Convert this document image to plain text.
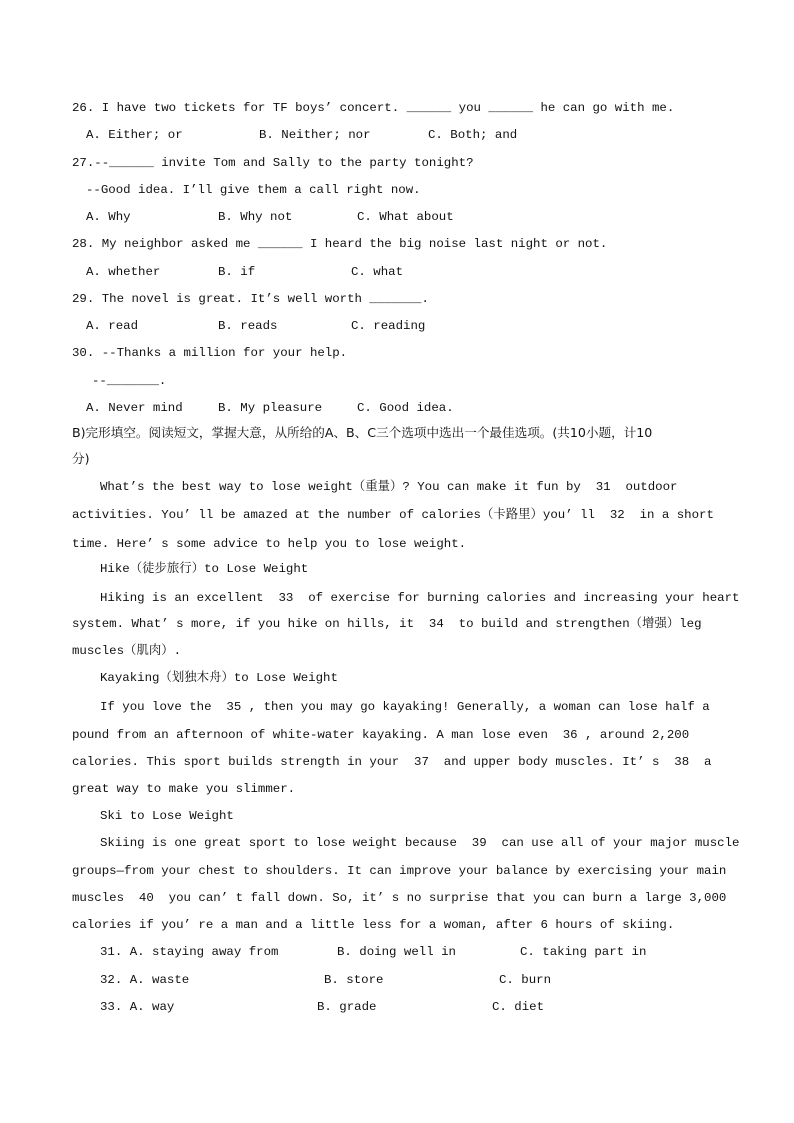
26. I have two tickets for TF boys’ concert. ______ you ______ he can go with me.
A. Either; or	B. Neither; nor	C. Both; and
27.--______ invite Tom and Sally to the party tonight?
--Good idea. I’ll give them a call right now.
A. Why	B. Why not	C. What about
28. My neighbor asked me ______ I heard the big noise last night or not.
A. whether	B. if	C. what
29. The novel is great. It’s well worth _______.
A. read	B. reads	C. reading
30. --Thanks a million for your help.
--_______.
A. Never mind	B. My pleasure	C. Good idea.
B)完形填空。阅读短文，掌握大意，从所给的A、B、C三个选项中选出一个最佳选项。(共10小题，计10
分)
What’s the best way to lose weight（重量）? You can make it fun by  31  outdoor
activities. You’ ll be amazed at the number of calories（卡路里）you’ ll  32  in a short
time. Here’ s some advice to help you to lose weight.
Hike（徒步旅行）to Lose Weight
Hiking is an excellent  33  of exercise for burning calories and increasing your heart
system. What’ s more, if you hike on hills, it  34  to build and strengthen（增强）leg
muscles（肌肉）.
Kayaking（划独木舟）to Lose Weight
If you love the  35 , then you may go kayaking! Generally, a woman can lose half a
pound from an afternoon of white-water kayaking. A man lose even  36 , around 2,200
calories. This sport builds strength in your  37  and upper body muscles. It’ s  38  a
great way to make you slimmer.
Ski to Lose Weight
Skiing is one great sport to lose weight because  39  can use all of your major muscle
groups—from your chest to shoulders. It can improve your balance by exercising your main
muscles  40  you can’ t fall down. So, it’ s no surprise that you can burn a large 3,000
calories if you’ re a man and a little less for a woman, after 6 hours of skiing.
31. A. staying away from	B. doing well in	C. taking part in
32. A. waste	B. store	C. burn
33. A. way	B. grade	C. diet
